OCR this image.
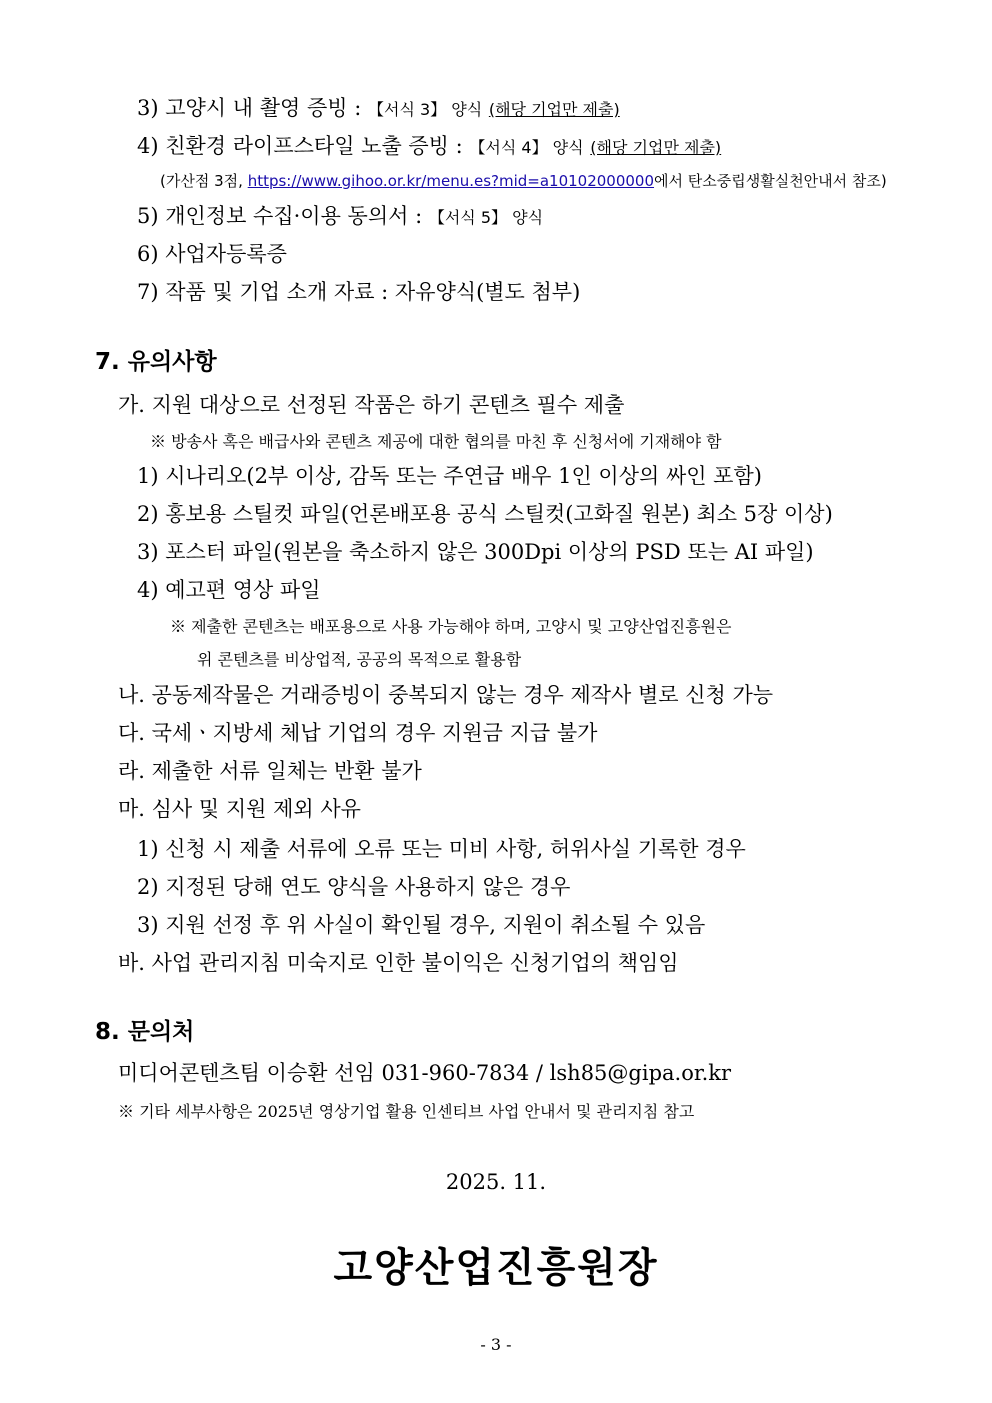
3) 고양시 내 촬영 증빙 : 【서식 3】 양식 (해당 기업만 제출)
4) 친환경 라이프스타일 노출 증빙 : 【서식 4】 양식 (해당 기업만 제출)
(가산점 3점, https://www.gihoo.or.kr/menu.es?mid=a10102000000에서 탄소중립생활실천안내서 참조)
5) 개인정보 수집·이용 동의서 : 【서식 5】 양식
6) 사업자등록증
7) 작품 및 기업 소개 자료 : 자유양식(별도 첨부)
7. 유의사항
가. 지원 대상으로 선정된 작품은 하기 콘텐츠 필수 제출
※ 방송사 혹은 배급사와 콘텐츠 제공에 대한 협의를 마친 후 신청서에 기재해야 함
1) 시나리오(2부 이상, 감독 또는 주연급 배우 1인 이상의 싸인 포함)
2) 홍보용 스틸컷 파일(언론배포용 공식 스틸컷(고화질 원본) 최소 5장 이상)
3) 포스터 파일(원본을 축소하지 않은 300Dpi 이상의 PSD 또는 AI 파일)
4) 예고편 영상 파일
※ 제출한 콘텐츠는 배포용으로 사용 가능해야 하며, 고양시 및 고양산업진흥원은
위 콘텐츠를 비상업적, 공공의 목적으로 활용함
나. 공동제작물은 거래증빙이 중복되지 않는 경우 제작사 별로 신청 가능
다. 국세ㆍ지방세 체납 기업의 경우 지원금 지급 불가
라. 제출한 서류 일체는 반환 불가
마. 심사 및 지원 제외 사유
1) 신청 시 제출 서류에 오류 또는 미비 사항, 허위사실 기록한 경우
2) 지정된 당해 연도 양식을 사용하지 않은 경우
3) 지원 선정 후 위 사실이 확인될 경우, 지원이 취소될 수 있음
바. 사업 관리지침 미숙지로 인한 불이익은 신청기업의 책임임
8. 문의처
미디어콘텐츠팀 이승환 선임 031-960-7834 / lsh85@gipa.or.kr
※ 기타 세부사항은 2025년 영상기업 활용 인센티브 사업 안내서 및 관리지침 참고
2025. 11.
고양산업진흥원장
- 3 -
